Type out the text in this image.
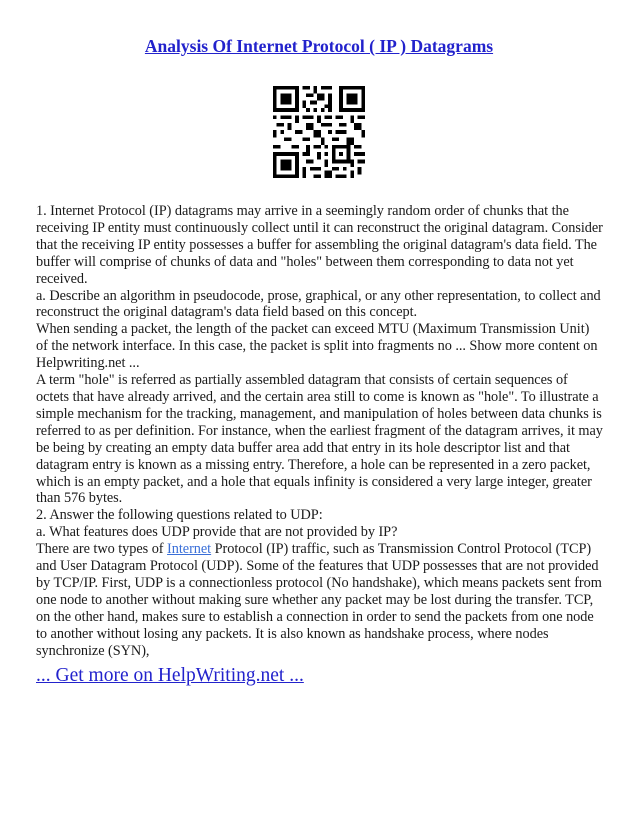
Analysis Of Internet Protocol ( IP ) Datagrams

1. Internet Protocol (IP) datagrams may arrive in a seemingly random order of chunks that the receiving IP entity must continuously collect until it can reconstruct the original datagram. Consider that the receiving IP entity possesses a buffer for assembling the original datagram's data field. The buffer will comprise of chunks of data and "holes" between them corresponding to data not yet received.

a. Describe an algorithm in pseudocode, prose, graphical, or any other representation, to collect and reconstruct the original datagram's data field based on this concept.

When sending a packet, the length of the packet can exceed MTU (Maximum Transmission Unit) of the network interface. In this case, the packet is split into fragments no ... Show more content on Helpwriting.net ...

A term "hole" is referred as partially assembled datagram that consists of certain sequences of octets that have already arrived, and the certain area still to come is known as "hole". To illustrate a simple mechanism for the tracking, management, and manipulation of holes between data chunks is referred to as per definition. For instance, when the earliest fragment of the datagram arrives, it may be being by creating an empty data buffer area add that entry in its hole descriptor list and that datagram entry is known as a missing entry. Therefore, a hole can be represented in a zero packet, which is an empty packet, and a hole that equals infinity is considered a very large integer, greater than 576 bytes.

2. Answer the following questions related to UDP:

a. What features does UDP provide that are not provided by IP?

There are two types of Internet Protocol (IP) traffic, such as Transmission Control Protocol (TCP) and User Datagram Protocol (UDP). Some of the features that UDP possesses that are not provided by TCP/IP. First, UDP is a connectionless protocol (No handshake), which means packets sent from one node to another without making sure whether any packet may be lost during the transfer. TCP, on the other hand, makes sure to establish a connection in order to send the packets from one node to another without losing any packets. It is also known as handshake process, where nodes synchronize (SYN),

... Get more on HelpWriting.net ...
